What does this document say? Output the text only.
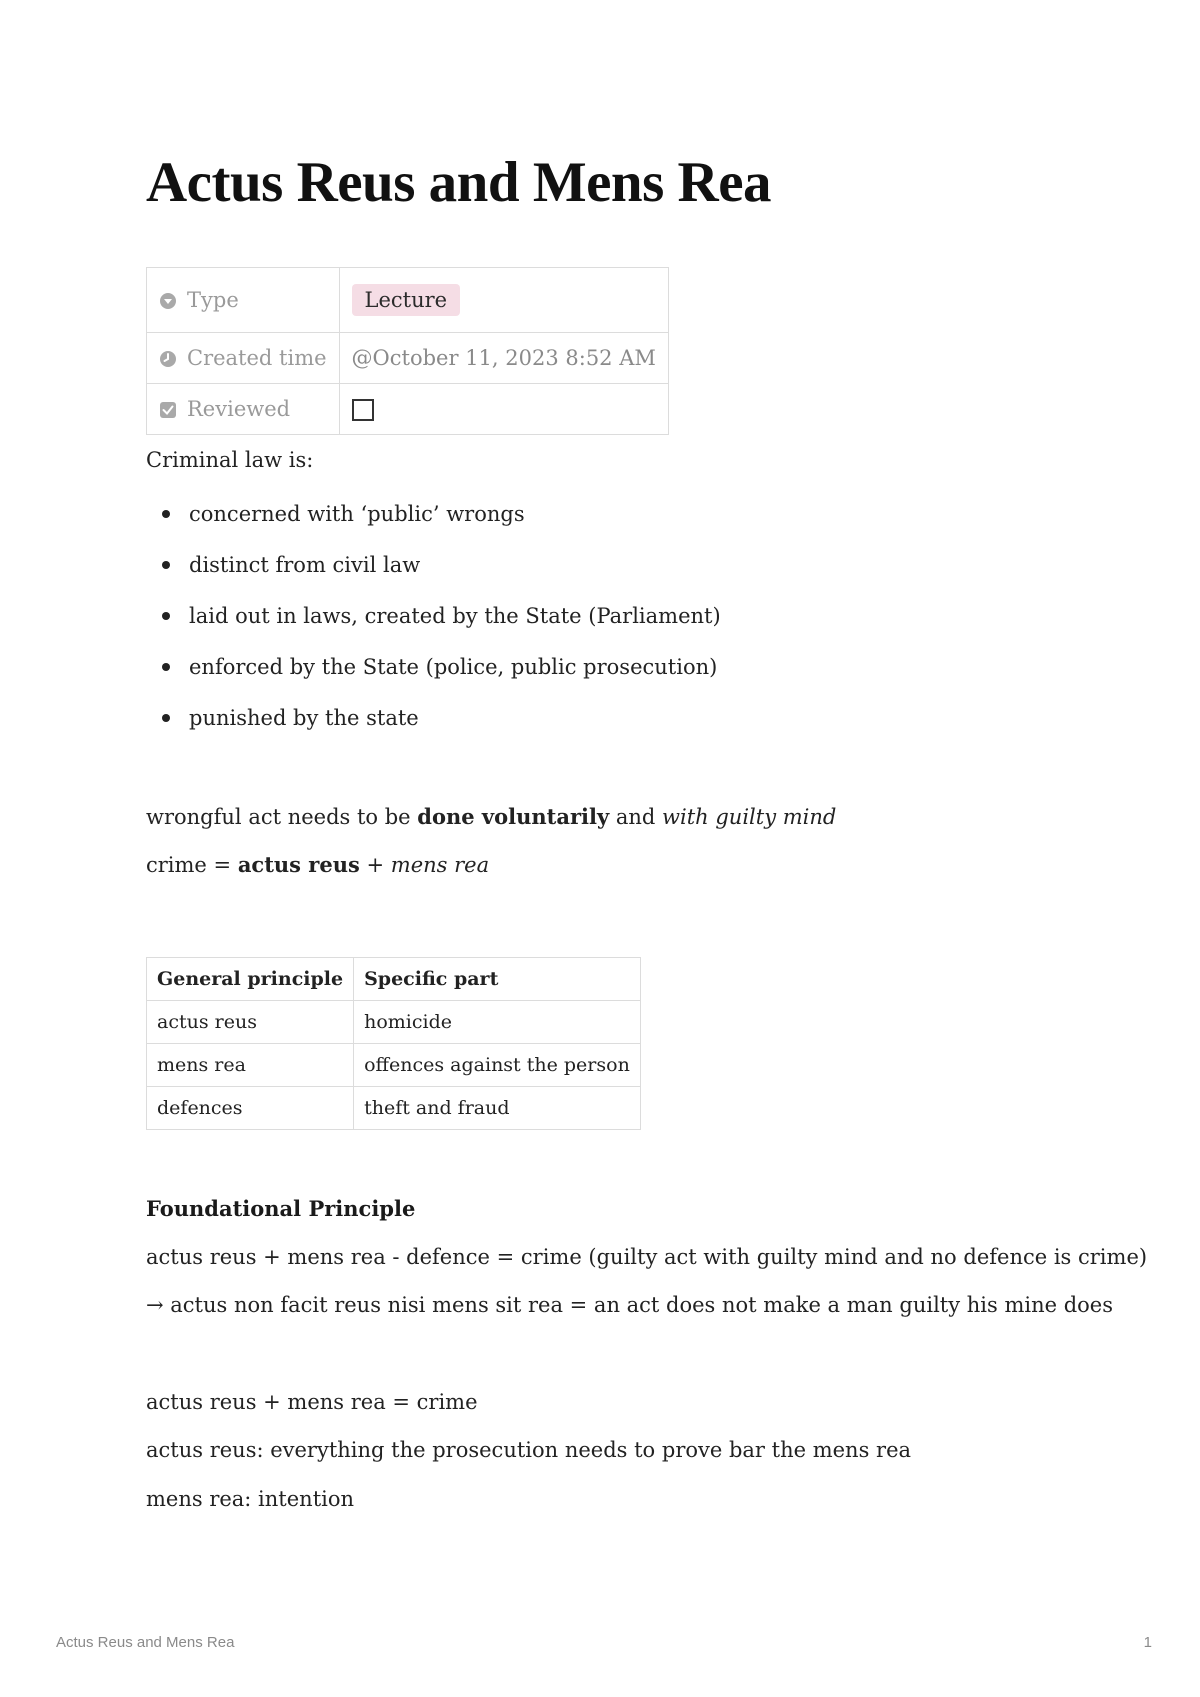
Actus Reus and Mens Rea
Type	Lecture
Created time	@October 11, 2023 8:52 AM
Reviewed	

Criminal law is:

concerned with ‘public’ wrongs
distinct from civil law
laid out in laws, created by the State (Parliament)
enforced by the State (police, public prosecution)
punished by the state

wrongful act needs to be done voluntarily and with guilty mind

crime = actus reus + mens rea

General principle	Specific part
actus reus	homicide
mens rea	offences against the person
defences	theft and fraud

Foundational Principle

actus reus + mens rea - defence = crime (guilty act with guilty mind and no defence is crime)

→ actus non facit reus nisi mens sit rea = an act does not make a man guilty his mine does

actus reus + mens rea = crime

actus reus: everything the prosecution needs to prove bar the mens rea

mens rea: intention

Actus Reus and Mens Rea	1
